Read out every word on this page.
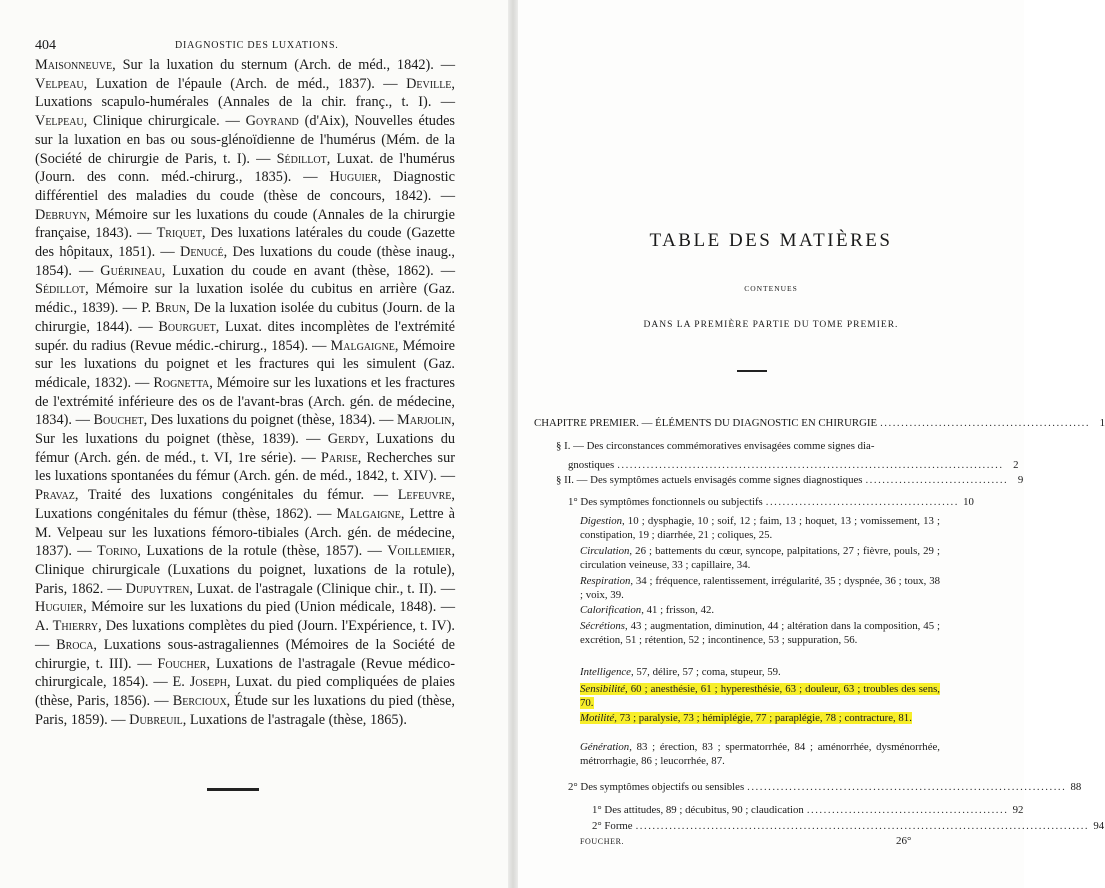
404	DIAGNOSTIC DES LUXATIONS.

Maisonneuve, Sur la luxation du sternum (Arch. de méd., 1842). — Velpeau, Luxation de l'épaule (Arch. de méd., 1837). — Deville, Luxations scapulo-humérales (Annales de la chir. franç., t. I). — Velpeau, Clinique chirurgicale. — Goyrand (d'Aix), Nouvelles études sur la luxation en bas ou sous-glénoïdienne de l'humérus (Mém. de la (Société de chirurgie de Paris, t. I). — Sédillot, Luxat. de l'humérus (Journ. des conn. méd.-chirurg., 1835). — Huguier, Diagnostic différentiel des maladies du coude (thèse de concours, 1842). — Debruyn, Mémoire sur les luxations du coude (Annales de la chirurgie française, 1843). — Triquet, Des luxations latérales du coude (Gazette des hôpitaux, 1851). — Denucé, Des luxations du coude (thèse inaug., 1854). — Guérineau, Luxation du coude en avant (thèse, 1862). — Sédillot, Mémoire sur la luxation isolée du cubitus en arrière (Gaz. médic., 1839). — P. Brun, De la luxation isolée du cubitus (Journ. de la chirurgie, 1844). — Bourguet, Luxat. dites incomplètes de l'extrémité supér. du radius (Revue médic.-chirurg., 1854). — Malgaigne, Mémoire sur les luxations du poignet et les fractures qui les simulent (Gaz. médicale, 1832). — Rognetta, Mémoire sur les luxations et les fractures de l'extrémité inférieure des os de l'avant-bras (Arch. gén. de médecine, 1834). — Bouchet, Des luxations du poignet (thèse, 1834). — Marjolin, Sur les luxations du poignet (thèse, 1839). — Gerdy, Luxations du fémur (Arch. gén. de méd., t. VI, 1re série). — Parise, Recherches sur les luxations spontanées du fémur (Arch. gén. de méd., 1842, t. XIV). — Pravaz, Traité des luxations congénitales du fémur. — Lefeuvre, Luxations congénitales du fémur (thèse, 1862). — Malgaigne, Lettre à M. Velpeau sur les luxations fémoro-tibiales (Arch. gén. de médecine, 1837). — Torino, Luxations de la rotule (thèse, 1857). — Voillemier, Clinique chirurgicale (Luxations du poignet, luxations de la rotule), Paris, 1862. — Dupuytren, Luxat. de l'astragale (Clinique chir., t. II). — Huguier, Mémoire sur les luxations du pied (Union médicale, 1848). — A. Thierry, Des luxations complètes du pied (Journ. l'Expérience, t. IV). — Broca, Luxations sous-astragaliennes (Mémoires de la Société de chirurgie, t. III). — Foucher, Luxations de l'astragale (Revue médico-chirurgicale, 1854). — E. Joseph, Luxat. du pied compliquées de plaies (thèse, Paris, 1856). — Bercioux, Étude sur les luxations du pied (thèse, Paris, 1859). — Dubreuil, Luxations de l'astragale (thèse, 1865).

TABLE DES MATIÈRES
CONTENUES
DANS LA PREMIÈRE PARTIE DU TOME PREMIER.
CHAPITRE PREMIER. — ÉLÉMENTS DU DIAGNOSTIC EN CHIRURGIE .................................................. 1
§ I. — Des circonstances commémoratives envisagées comme signes dia-
gnostiques ............................................................................................ 2
§ II. — Des symptômes actuels envisagés comme signes diagnostiques .................................. 9
1° Des symptômes fonctionnels ou subjectifs .............................................. 10
Digestion, 10 ; dysphagie, 10 ; soif, 12 ; faim, 13 ; hoquet, 13 ; vomissement, 13 ; constipation, 19 ; diarrhée, 21 ; coliques, 25.
Circulation, 26 ; battements du cœur, syncope, palpitations, 27 ; fièvre, pouls, 29 ; circulation veineuse, 33 ; capillaire, 34.
Respiration, 34 ; fréquence, ralentissement, irrégularité, 35 ; dyspnée, 36 ; toux, 38 ; voix, 39.
Calorification, 41 ; frisson, 42.
Sécrétions, 43 ; augmentation, diminution, 44 ; altération dans la composition, 45 ; excrétion, 51 ; rétention, 52 ; incontinence, 53 ; suppuration, 56.
Intelligence, 57, délire, 57 ; coma, stupeur, 59.
Sensibilité, 60 ; anesthésie, 61 ; hyperesthésie, 63 ; douleur, 63 ; troubles des sens, 70.
Motilité, 73 ; paralysie, 73 ; hémiplégie, 77 ; paraplégie, 78 ; contracture, 81.
Génération, 83 ; érection, 83 ; spermatorrhée, 84 ; aménorrhée, dysménorrhée, métrorrhagie, 86 ; leucorrhée, 87.
2° Des symptômes objectifs ou sensibles ............................................................................ 88
1° Des attitudes, 89 ; décubitus, 90 ; claudication ................................................ 92
2° Forme ............................................................................................................ 94
FOUCHER.	26°
